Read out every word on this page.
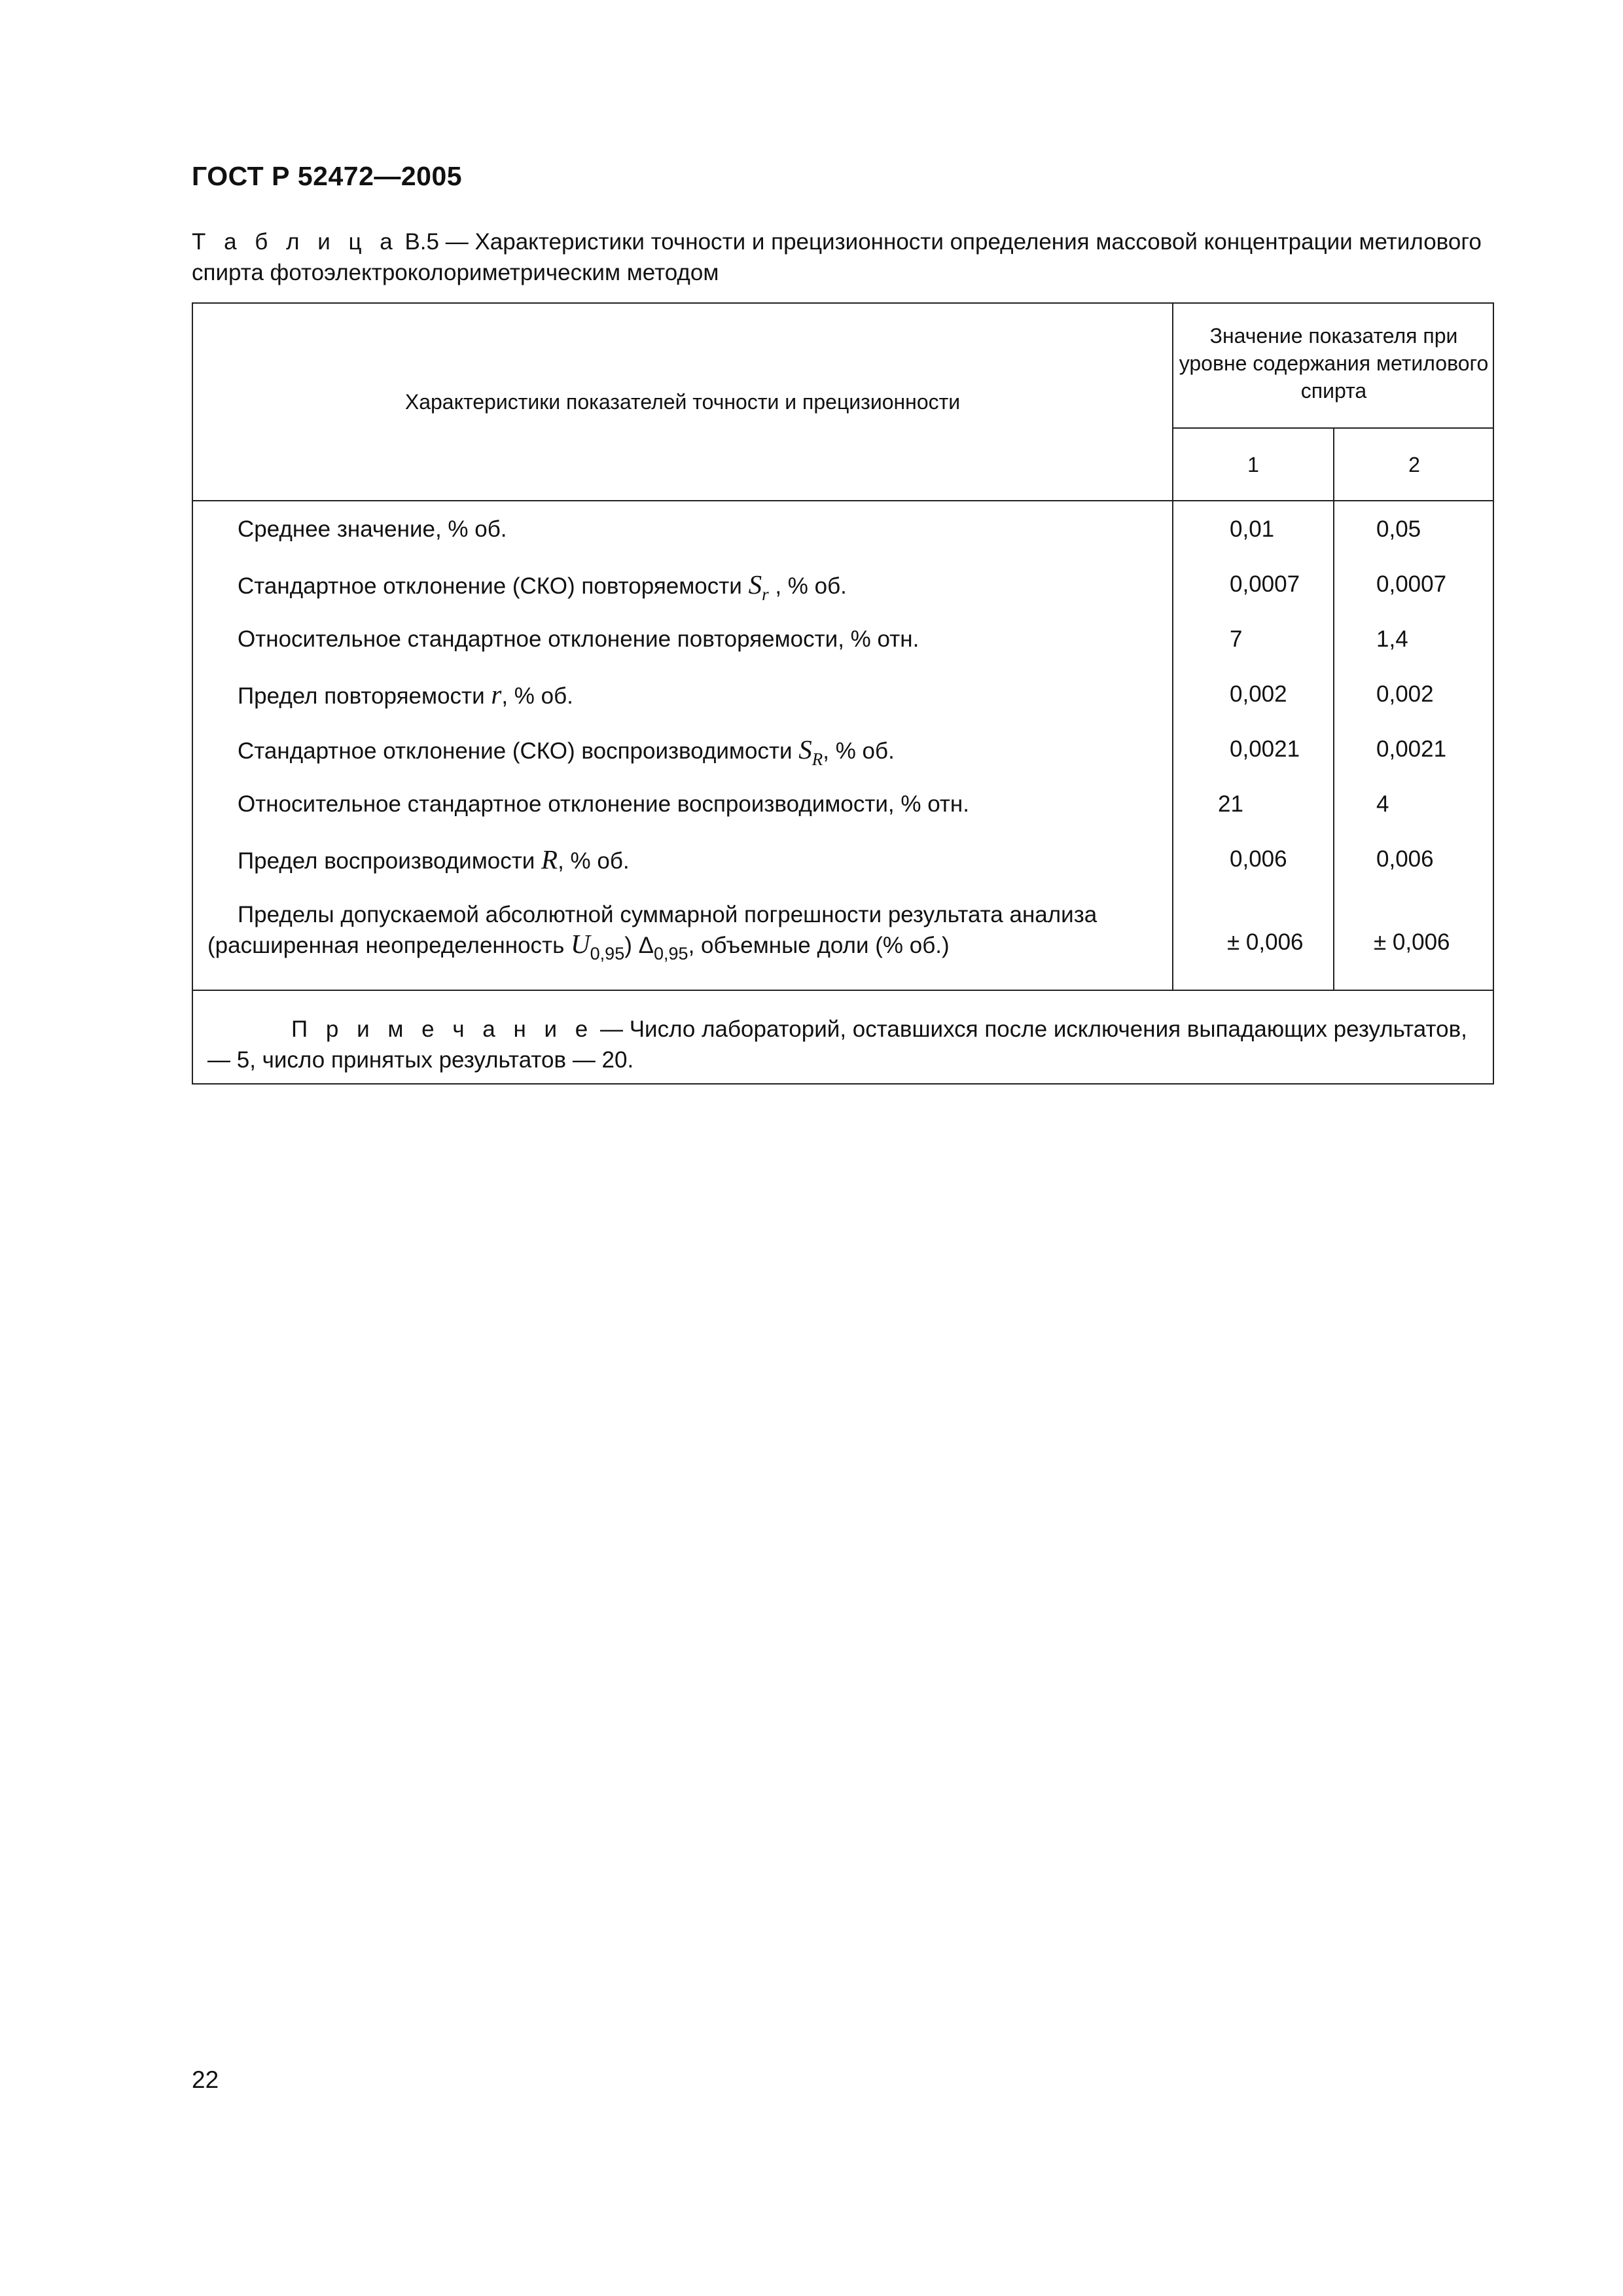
ГОСТ Р 52472—2005
Т а б л и ц а В.5 — Характеристики точности и прецизионности определения массовой концентрации метилового спирта фотоэлектроколориметрическим методом
Характеристики показателей точности и прецизионности
Значение показателя при уровне содержания метилового спирта
1	2
Среднее значение, % об.	0,01	0,05
Стандартное отклонение (СКО) повторяемости $S_r$ , % об.	0,0007	0,0007
Относительное стандартное отклонение повторяемости, % отн.	7	1,4
Предел повторяемости r, % об.	0,002	0,002
Стандартное отклонение (СКО) воспроизводимости $S_R$, % об.	0,0021	0,0021
Относительное стандартное отклонение воспроизводимости, % отн.	21	4
Предел воспроизводимости R, % об.	0,006	0,006
Пределы допускаемой абсолютной суммарной погрешности результата анализа (расширенная неопределенность $U_{0,95}$) $\Delta_{0,95}$, объемные доли (% об.)	± 0,006	± 0,006
П р и м е ч а н и е — Число лабораторий, оставшихся после исключения выпадающих результатов, — 5, число принятых результатов — 20.
22
